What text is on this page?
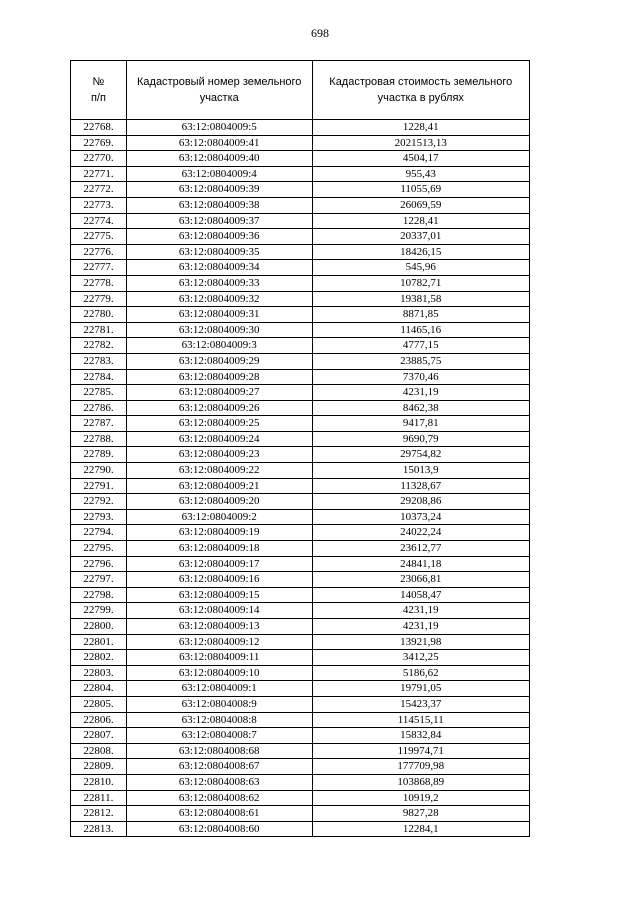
698
№
п/п	Кадастровый номер земельного участка	Кадастровая стоимость земельного участка в рублях
22768.	63:12:0804009:5	1228,41
22769.	63:12:0804009:41	2021513,13
22770.	63:12:0804009:40	4504,17
22771.	63:12:0804009:4	955,43
22772.	63:12:0804009:39	11055,69
22773.	63:12:0804009:38	26069,59
22774.	63:12:0804009:37	1228,41
22775.	63:12:0804009:36	20337,01
22776.	63:12:0804009:35	18426,15
22777.	63:12:0804009:34	545,96
22778.	63:12:0804009:33	10782,71
22779.	63:12:0804009:32	19381,58
22780.	63:12:0804009:31	8871,85
22781.	63:12:0804009:30	11465,16
22782.	63:12:0804009:3	4777,15
22783.	63:12:0804009:29	23885,75
22784.	63:12:0804009:28	7370,46
22785.	63:12:0804009:27	4231,19
22786.	63:12:0804009:26	8462,38
22787.	63:12:0804009:25	9417,81
22788.	63:12:0804009:24	9690,79
22789.	63:12:0804009:23	29754,82
22790.	63:12:0804009:22	15013,9
22791.	63:12:0804009:21	11328,67
22792.	63:12:0804009:20	29208,86
22793.	63:12:0804009:2	10373,24
22794.	63:12:0804009:19	24022,24
22795.	63:12:0804009:18	23612,77
22796.	63:12:0804009:17	24841,18
22797.	63:12:0804009:16	23066,81
22798.	63:12:0804009:15	14058,47
22799.	63:12:0804009:14	4231,19
22800.	63:12:0804009:13	4231,19
22801.	63:12:0804009:12	13921,98
22802.	63:12:0804009:11	3412,25
22803.	63:12:0804009:10	5186,62
22804.	63:12:0804009:1	19791,05
22805.	63:12:0804008:9	15423,37
22806.	63:12:0804008:8	114515,11
22807.	63:12:0804008:7	15832,84
22808.	63:12:0804008:68	119974,71
22809.	63:12:0804008:67	177709,98
22810.	63:12:0804008:63	103868,89
22811.	63:12:0804008:62	10919,2
22812.	63:12:0804008:61	9827,28
22813.	63:12:0804008:60	12284,1
